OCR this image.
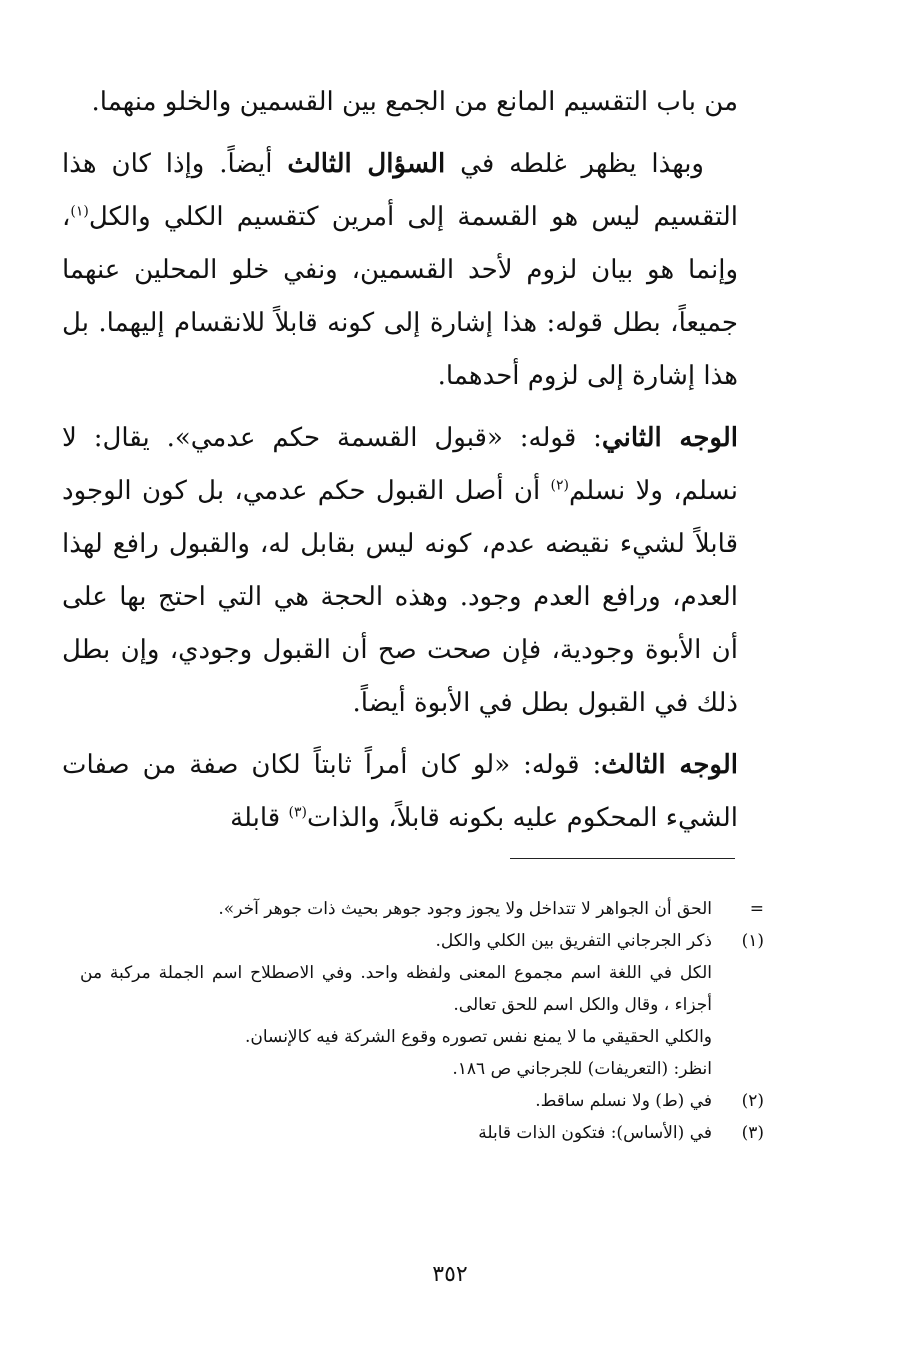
من باب التقسيم المانع من الجمع بين القسمين والخلو منهما.

وبهذا يظهر غلطه في السؤال الثالث أيضاً. وإذا كان هذا التقسيم ليس هو القسمة إلى أمرين كتقسيم الكلي والكل$^{(١)}$، وإنما هو بيان لزوم لأحد القسمين، ونفي خلو المحلين عنهما جميعاً، بطل قوله: هذا إشارة إلى كونه قابلاً للانقسام إليهما. بل هذا إشارة إلى لزوم أحدهما.

الوجه الثاني: قوله: «قبول القسمة حكم عدمي». يقال: لا نسلم، ولا نسلم$^{(٢)}$ أن أصل القبول حكم عدمي، بل كون الوجود قابلاً لشيء نقيضه عدم، كونه ليس بقابل له، والقبول رافع لهذا العدم، ورافع العدم وجود. وهذه الحجة هي التي احتج بها على أن الأبوة وجودية، فإن صحت صح أن القبول وجودي، وإن بطل ذلك في القبول بطل في الأبوة أيضاً.

الوجه الثالث: قوله: «لو كان أمراً ثابتاً لكان صفة من صفات الشيء المحكوم عليه بكونه قابلاً، والذات$^{(٣)}$ قابلة

=
الحق أن الجواهر لا تتداخل ولا يجوز وجود جوهر بحيث ذات جوهر آخر».
(١)
ذكر الجرجاني التفريق بين الكلي والكل.
الكل في اللغة اسم مجموع المعنى ولفظه واحد. وفي الاصطلاح اسم الجملة مركبة من أجزاء ، وقال والكل اسم للحق تعالى.
والكلي الحقيقي ما لا يمنع نفس تصوره وقوع الشركة فيه كالإنسان.
انظر: (التعريفات) للجرجاني ص ١٨٦.
(٢)
في (ط) ولا نسلم ساقط.
(٣)
في (الأساس): فتكون الذات قابلة
٣٥٢
